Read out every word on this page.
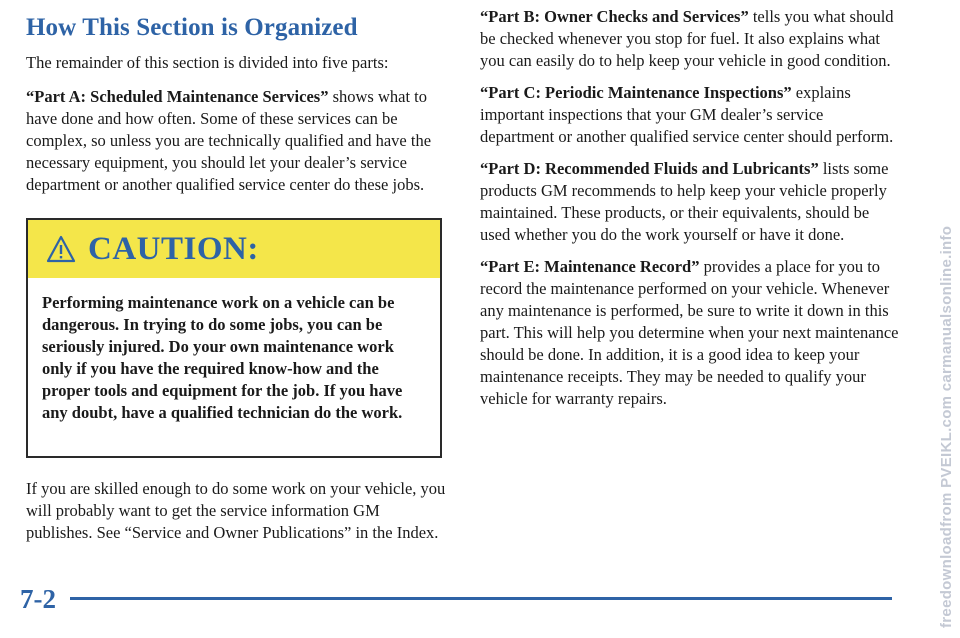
How This Section is Organized

The remainder of this section is divided into five parts:

“Part A: Scheduled Maintenance Services” shows what to have done and how often. Some of these services can be complex, so unless you are technically qualified and have the necessary equipment, you should let your dealer’s service department or another qualified service center do these jobs.

CAUTION:
Performing maintenance work on a vehicle can be dangerous. In trying to do some jobs, you can be seriously injured. Do your own maintenance work only if you have the required know-how and the proper tools and equipment for the job. If you have any doubt, have a qualified technician do the work.

If you are skilled enough to do some work on your vehicle, you will probably want to get the service information GM publishes. See “Service and Owner Publications” in the Index.

“Part B: Owner Checks and Services” tells you what should be checked whenever you stop for fuel. It also explains what you can easily do to help keep your vehicle in good condition.

“Part C: Periodic Maintenance Inspections” explains important inspections that your GM dealer’s service department or another qualified service center should perform.

“Part D: Recommended Fluids and Lubricants” lists some products GM recommends to help keep your vehicle properly maintained. These products, or their equivalents, should be used whether you do the work yourself or have it done.

“Part E: Maintenance Record” provides a place for you to record the maintenance performed on your vehicle. Whenever any maintenance is performed, be sure to write it down in this part. This will help you determine when your next maintenance should be done. In addition, it is a good idea to keep your maintenance receipts. They may be needed to qualify your vehicle for warranty repairs.

7-2	freedownloadfrom PVEIKL.com carmanualsonline.info
